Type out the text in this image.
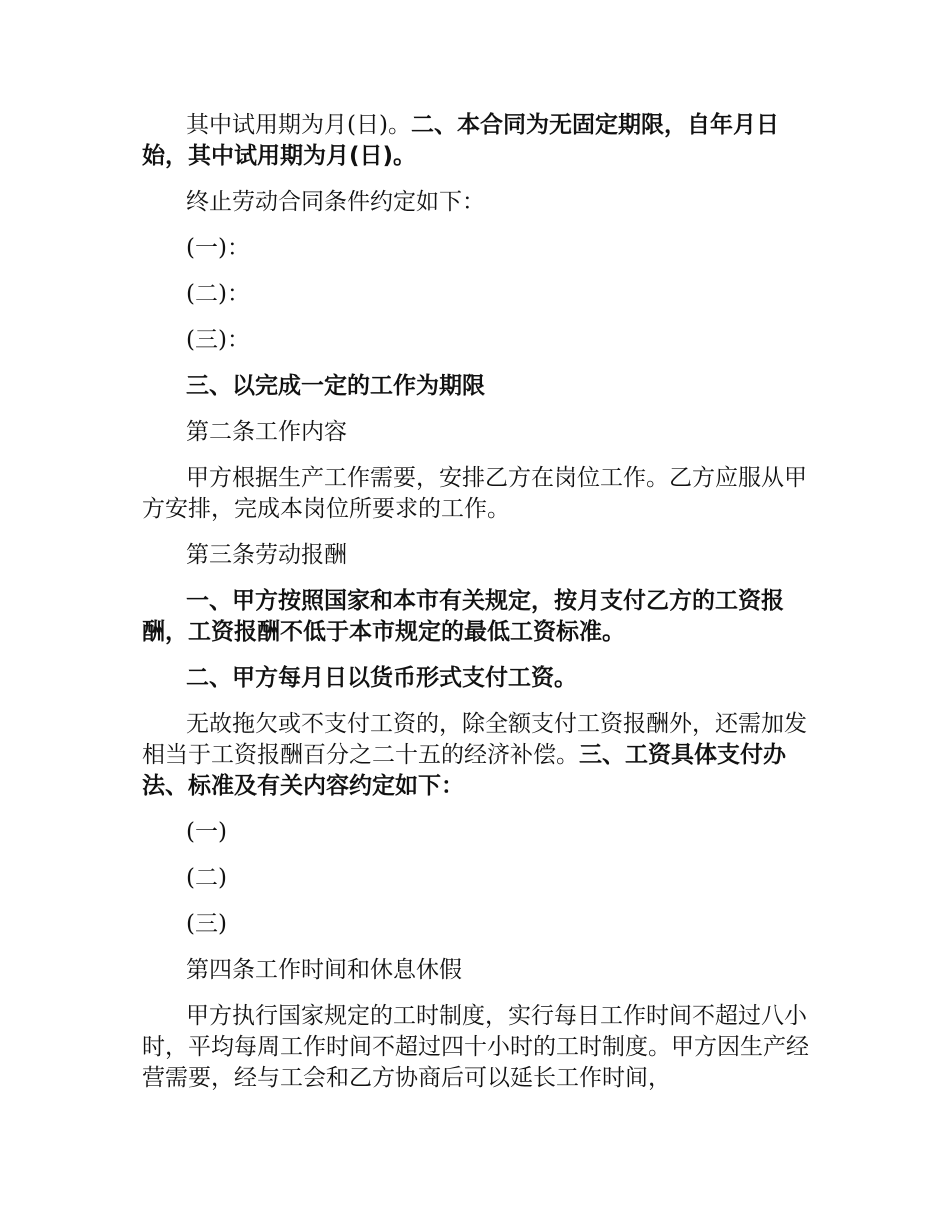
其中试用期为月(日)。二、本合同为无固定期限，自年月日始，其中试用期为月(日)。

终止劳动合同条件约定如下：

(一)：

(二)：

(三)：

三、以完成一定的工作为期限

第二条工作内容

甲方根据生产工作需要，安排乙方在岗位工作。乙方应服从甲方安排，完成本岗位所要求的工作。

第三条劳动报酬

一、甲方按照国家和本市有关规定，按月支付乙方的工资报酬，工资报酬不低于本市规定的最低工资标准。

二、甲方每月日以货币形式支付工资。

无故拖欠或不支付工资的，除全额支付工资报酬外，还需加发相当于工资报酬百分之二十五的经济补偿。三、工资具体支付办法、标准及有关内容约定如下：

(一)

(二)

(三)

第四条工作时间和休息休假

甲方执行国家规定的工时制度，实行每日工作时间不超过八小时，平均每周工作时间不超过四十小时的工时制度。甲方因生产经营需要，经与工会和乙方协商后可以延长工作时间，
